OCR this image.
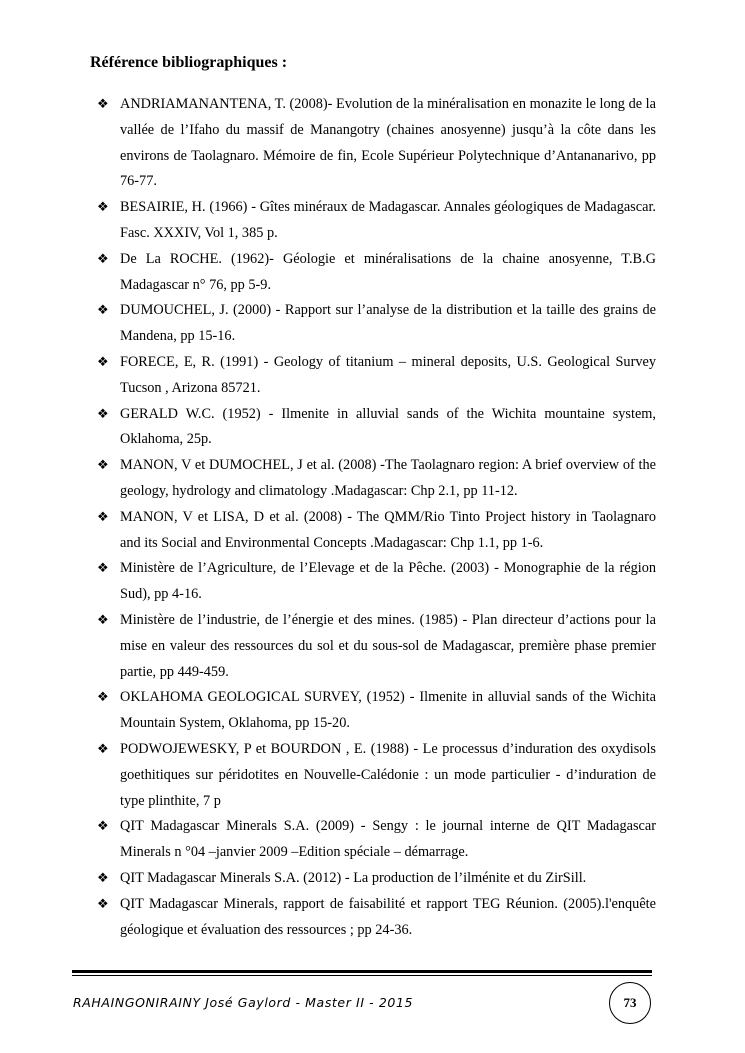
Référence bibliographiques :
❖ ANDRIAMANANTENA, T. (2008)- Evolution de la minéralisation en monazite le long de la vallée de l’Ifaho du massif de Manangotry (chaines anosyenne) jusqu’à la côte dans les environs de Taolagnaro. Mémoire de fin, Ecole Supérieur Polytechnique d’Antananarivo, pp 76-77.
❖ BESAIRIE, H. (1966) - Gîtes minéraux de Madagascar. Annales géologiques de Madagascar. Fasc. XXXIV, Vol 1, 385 p.
❖ De La ROCHE. (1962)- Géologie et minéralisations de la chaine anosyenne, T.B.G Madagascar n° 76, pp 5-9.
❖ DUMOUCHEL, J. (2000) - Rapport sur l’analyse de la distribution et la taille des grains de Mandena, pp 15-16.
❖ FORECE, E, R. (1991) - Geology of titanium – mineral deposits, U.S. Geological Survey Tucson , Arizona 85721.
❖ GERALD W.C. (1952) - Ilmenite in alluvial sands of the Wichita mountaine system, Oklahoma, 25p.
❖ MANON, V et DUMOCHEL, J et al. (2008) -The Taolagnaro region: A brief overview of the geology, hydrology and climatology .Madagascar: Chp 2.1, pp 11-12.
❖ MANON, V et LISA, D et al. (2008) - The QMM/Rio Tinto Project history in Taolagnaro and its Social and Environmental Concepts .Madagascar: Chp 1.1, pp 1-6.
❖ Ministère de l’Agriculture, de l’Elevage et de la Pêche. (2003) - Monographie de la région Sud), pp 4-16.
❖ Ministère de l’industrie, de l’énergie et des mines. (1985) - Plan directeur d’actions pour la mise en valeur des ressources du sol et du sous-sol de Madagascar, première phase premier partie, pp 449-459.
❖ OKLAHOMA GEOLOGICAL SURVEY, (1952) - Ilmenite in alluvial sands of the Wichita Mountain System, Oklahoma, pp 15-20.
❖ PODWOJEWESKY, P et BOURDON , E. (1988) - Le processus d’induration des oxydisols goethitiques sur péridotites en Nouvelle-Calédonie : un mode particulier - d’induration de type plinthite, 7 p
❖ QIT Madagascar Minerals S.A. (2009) - Sengy : le journal interne de QIT Madagascar Minerals n °04 –janvier 2009 –Edition spéciale – démarrage.
❖ QIT Madagascar Minerals S.A. (2012) - La production de l’ilménite et du ZirSill.
❖ QIT Madagascar Minerals, rapport de faisabilité et rapport TEG Réunion. (2005).l'enquête géologique et évaluation des ressources ; pp 24-36.
RAHAINGONIRAINY José Gaylord - Master II - 2015	73
